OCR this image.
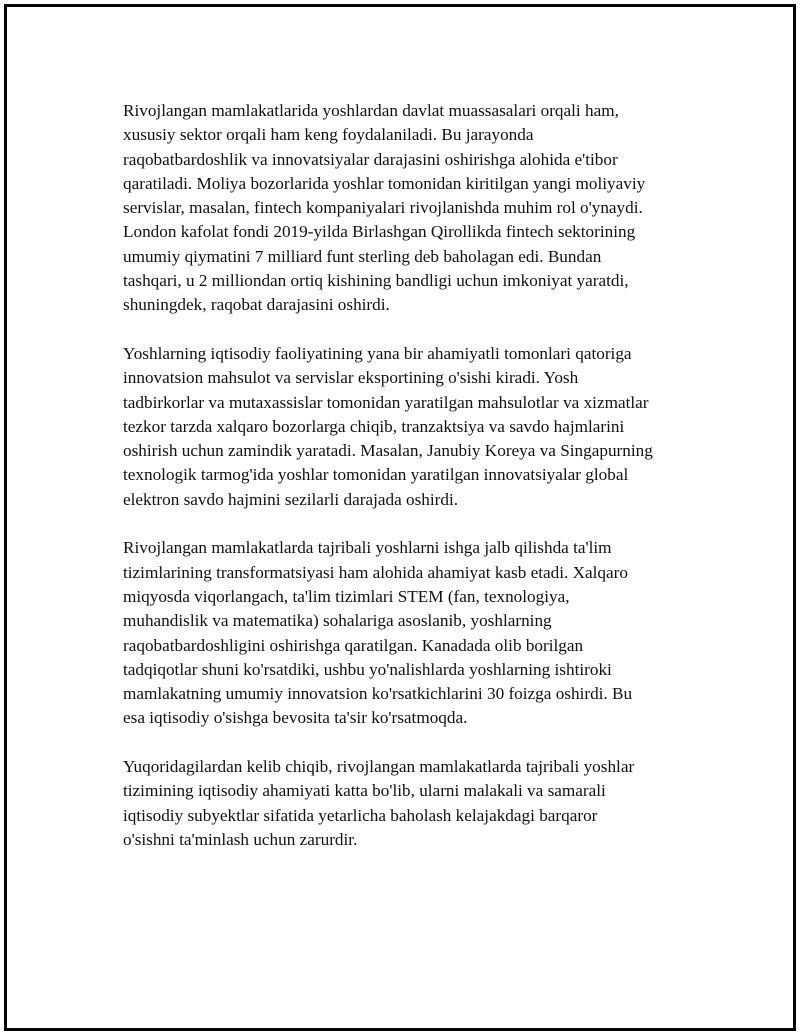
Rivojlangan mamlakatlarida yoshlardan davlat muassasalari orqali ham,
xususiy sektor orqali ham keng foydalaniladi. Bu jarayonda
raqobatbardoshlik va innovatsiyalar darajasini oshirishga alohida e'tibor
qaratiladi. Moliya bozorlarida yoshlar tomonidan kiritilgan yangi moliyaviy
servislar, masalan, fintech kompaniyalari rivojlanishda muhim rol o'ynaydi.
London kafolat fondi 2019-yilda Birlashgan Qirollikda fintech sektorining
umumiy qiymatini 7 milliard funt sterling deb baholagan edi. Bundan
tashqari, u 2 milliondan ortiq kishining bandligi uchun imkoniyat yaratdi,
shuningdek, raqobat darajasini oshirdi.

Yoshlarning iqtisodiy faoliyatining yana bir ahamiyatli tomonlari qatoriga
innovatsion mahsulot va servislar eksportining o'sishi kiradi. Yosh
tadbirkorlar va mutaxassislar tomonidan yaratilgan mahsulotlar va xizmatlar
tezkor tarzda xalqaro bozorlarga chiqib, tranzaktsiya va savdo hajmlarini
oshirish uchun zamindik yaratadi. Masalan, Janubiy Koreya va Singapurning
texnologik tarmog'ida yoshlar tomonidan yaratilgan innovatsiyalar global
elektron savdo hajmini sezilarli darajada oshirdi.

Rivojlangan mamlakatlarda tajribali yoshlarni ishga jalb qilishda ta'lim
tizimlarining transformatsiyasi ham alohida ahamiyat kasb etadi. Xalqaro
miqyosda viqorlangach, ta'lim tizimlari STEM (fan, texnologiya,
muhandislik va matematika) sohalariga asoslanib, yoshlarning
raqobatbardoshligini oshirishga qaratilgan. Kanadada olib borilgan
tadqiqotlar shuni ko'rsatdiki, ushbu yo'nalishlarda yoshlarning ishtiroki
mamlakatning umumiy innovatsion ko'rsatkichlarini 30 foizga oshirdi. Bu
esa iqtisodiy o'sishga bevosita ta'sir ko'rsatmoqda.

Yuqoridagilardan kelib chiqib, rivojlangan mamlakatlarda tajribali yoshlar
tizimining iqtisodiy ahamiyati katta bo'lib, ularni malakali va samarali
iqtisodiy subyektlar sifatida yetarlicha baholash kelajakdagi barqaror
o'sishni ta'minlash uchun zarurdir.
